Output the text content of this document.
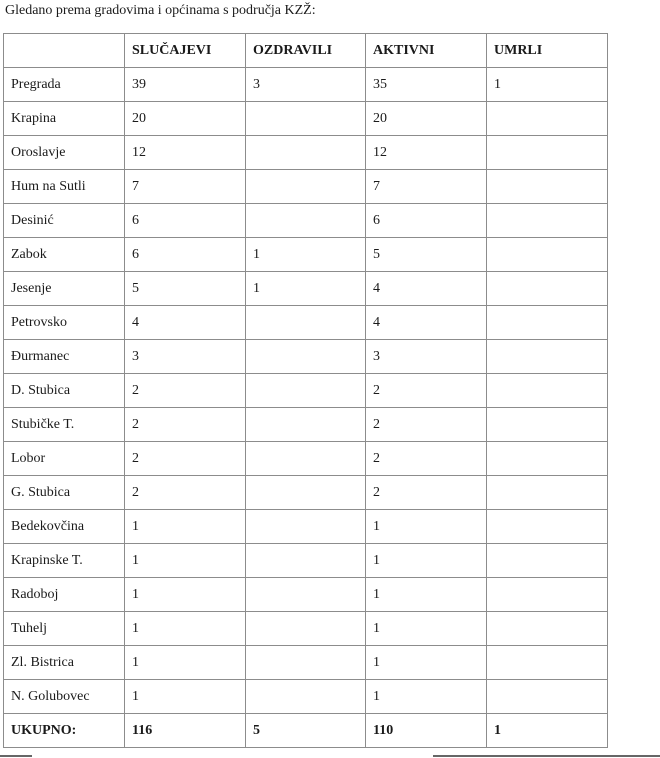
Gledano prema gradovima i općinama s područja KZŽ:
	SLUČAJEVI	OZDRAVILI	AKTIVNI	UMRLI
Pregrada	39	3	35	1
Krapina	20		20	
Oroslavje	12		12	
Hum na Sutli	7		7	
Desinić	6		6	
Zabok	6	1	5	
Jesenje	5	1	4	
Petrovsko	4		4	
Đurmanec	3		3	
D. Stubica	2		2	
Stubičke T.	2		2	
Lobor	2		2	
G. Stubica	2		2	
Bedekovčina	1		1	
Krapinske T.	1		1	
Radoboj	1		1	
Tuhelj	1		1	
Zl. Bistrica	1		1	
N. Golubovec	1		1	
UKUPNO:	116	5	110	1
